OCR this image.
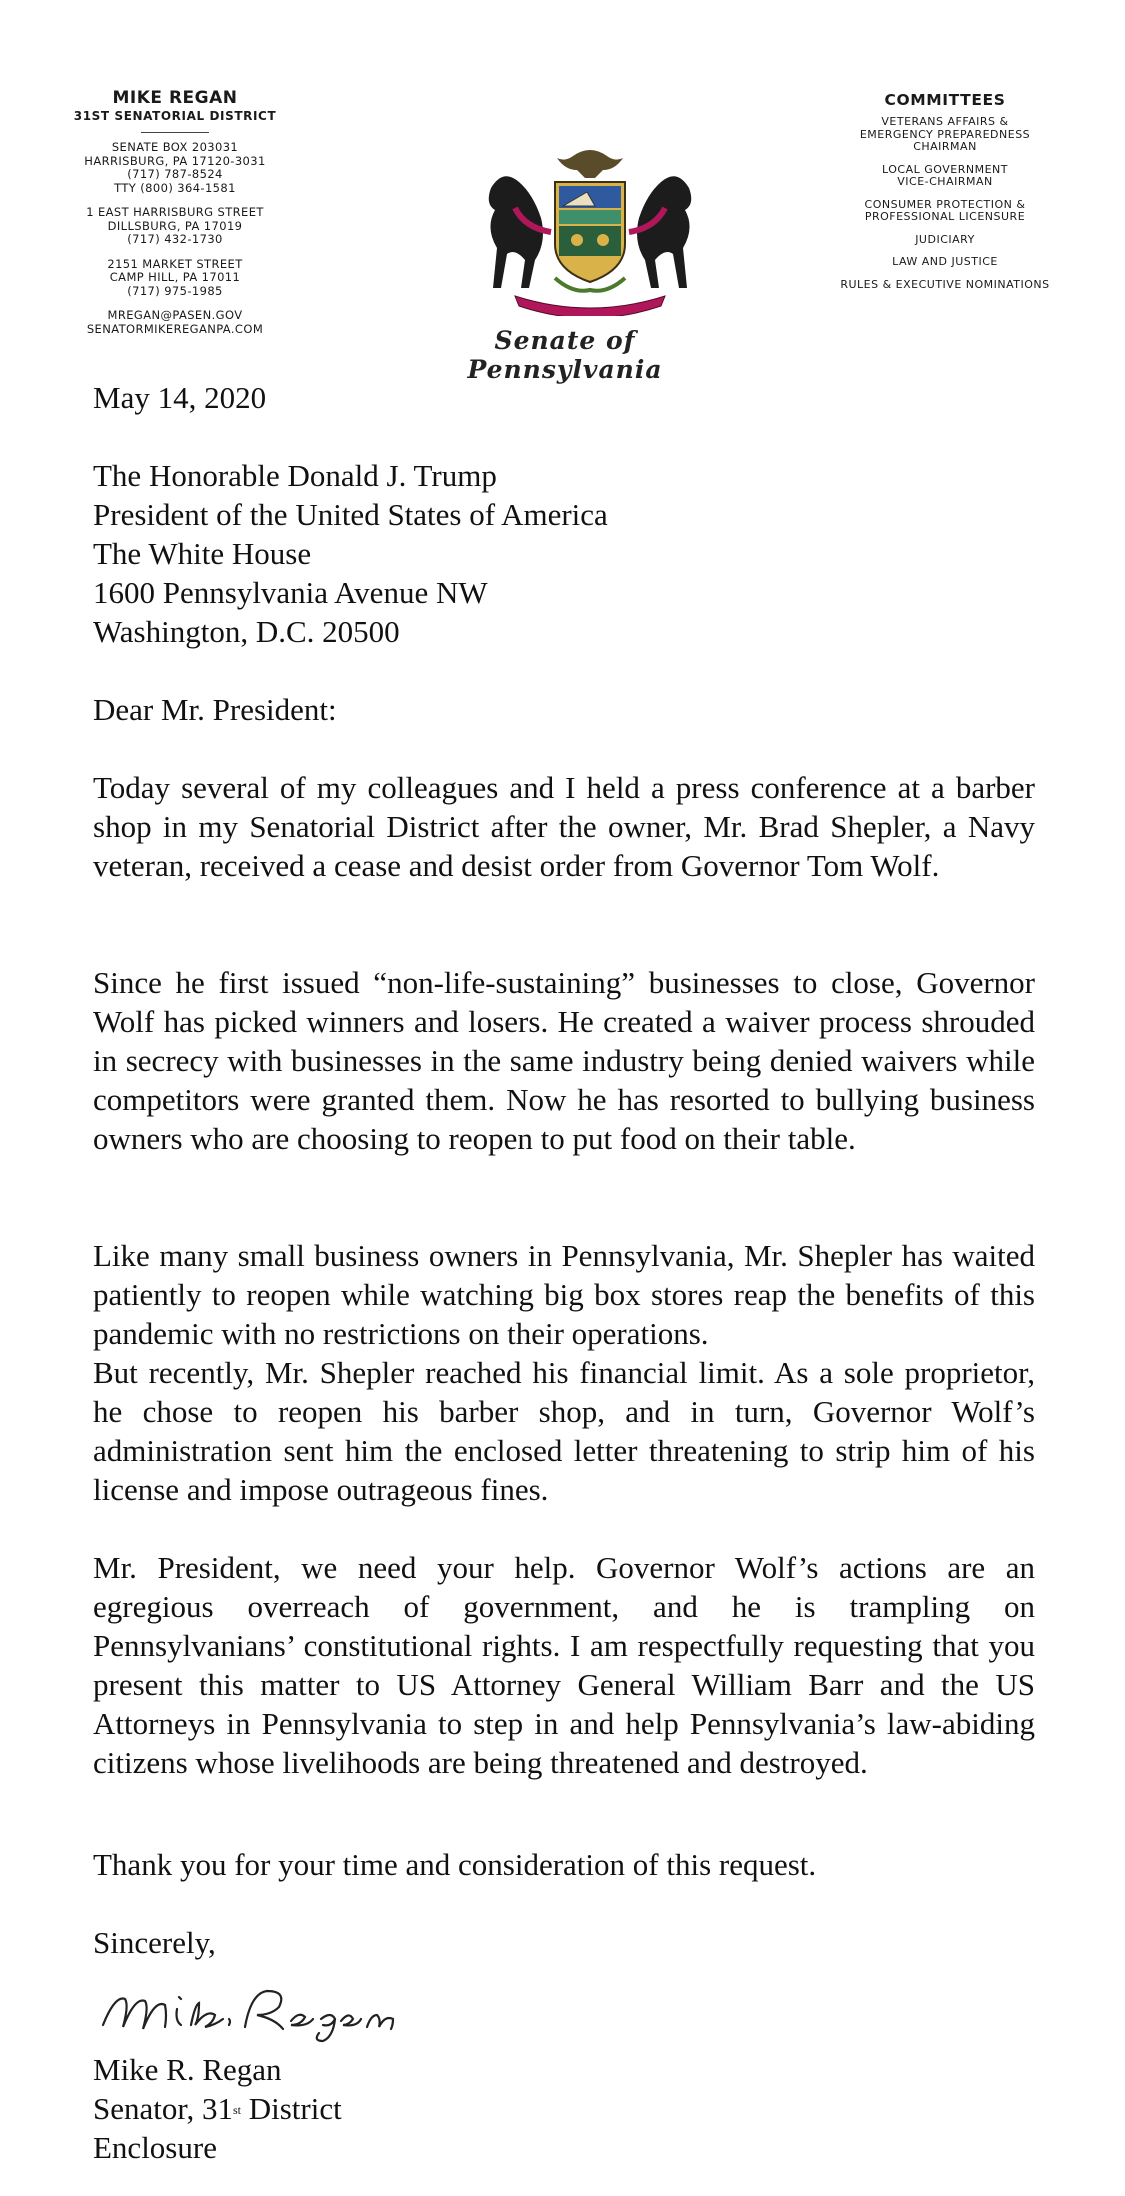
MIKE REGAN
31ST SENATORIAL DISTRICT
SENATE BOX 203031
HARRISBURG, PA 17120-3031
(717) 787-8524
TTY (800) 364-1581
1 EAST HARRISBURG STREET
DILLSBURG, PA 17019
(717) 432-1730
2151 MARKET STREET
CAMP HILL, PA 17011
(717) 975-1985
MREGAN@PASEN.GOV
SENATORMIKEREGANPA.COM	Senate of Pennsylvania
COMMITTEES
VETERANS AFFAIRS &
EMERGENCY PREPAREDNESS
CHAIRMAN
LOCAL GOVERNMENT
VICE-CHAIRMAN
CONSUMER PROTECTION &
PROFESSIONAL LICENSURE
JUDICIARY
LAW AND JUSTICE
RULES & EXECUTIVE NOMINATIONS
May 14, 2020
The Honorable Donald J. Trump
President of the United States of America
The White House
1600 Pennsylvania Avenue NW
Washington, D.C. 20500
Dear Mr. President:
Today several of my colleagues and I held a press conference at a barber shop in my Senatorial District after the owner, Mr. Brad Shepler, a Navy veteran, received a cease and desist order from Governor Tom Wolf.
Since he first issued “non-life-sustaining” businesses to close, Governor Wolf has picked winners and losers. He created a waiver process shrouded in secrecy with businesses in the same industry being denied waivers while competitors were granted them. Now he has resorted to bullying business owners who are choosing to reopen to put food on their table.
Like many small business owners in Pennsylvania, Mr. Shepler has waited patiently to reopen while watching big box stores reap the benefits of this pandemic with no restrictions on their operations.
But recently, Mr. Shepler reached his financial limit. As a sole proprietor, he chose to reopen his barber shop, and in turn, Governor Wolf’s administration sent him the enclosed letter threatening to strip him of his license and impose outrageous fines.
Mr. President, we need your help. Governor Wolf’s actions are an egregious overreach of government, and he is trampling on Pennsylvanians’ constitutional rights. I am respectfully requesting that you present this matter to US Attorney General William Barr and the US Attorneys in Pennsylvania to step in and help Pennsylvania’s law-abiding citizens whose livelihoods are being threatened and destroyed.
Thank you for your time and consideration of this request.
Sincerely,
Mike R. Regan
Senator, 31st District
Enclosure
